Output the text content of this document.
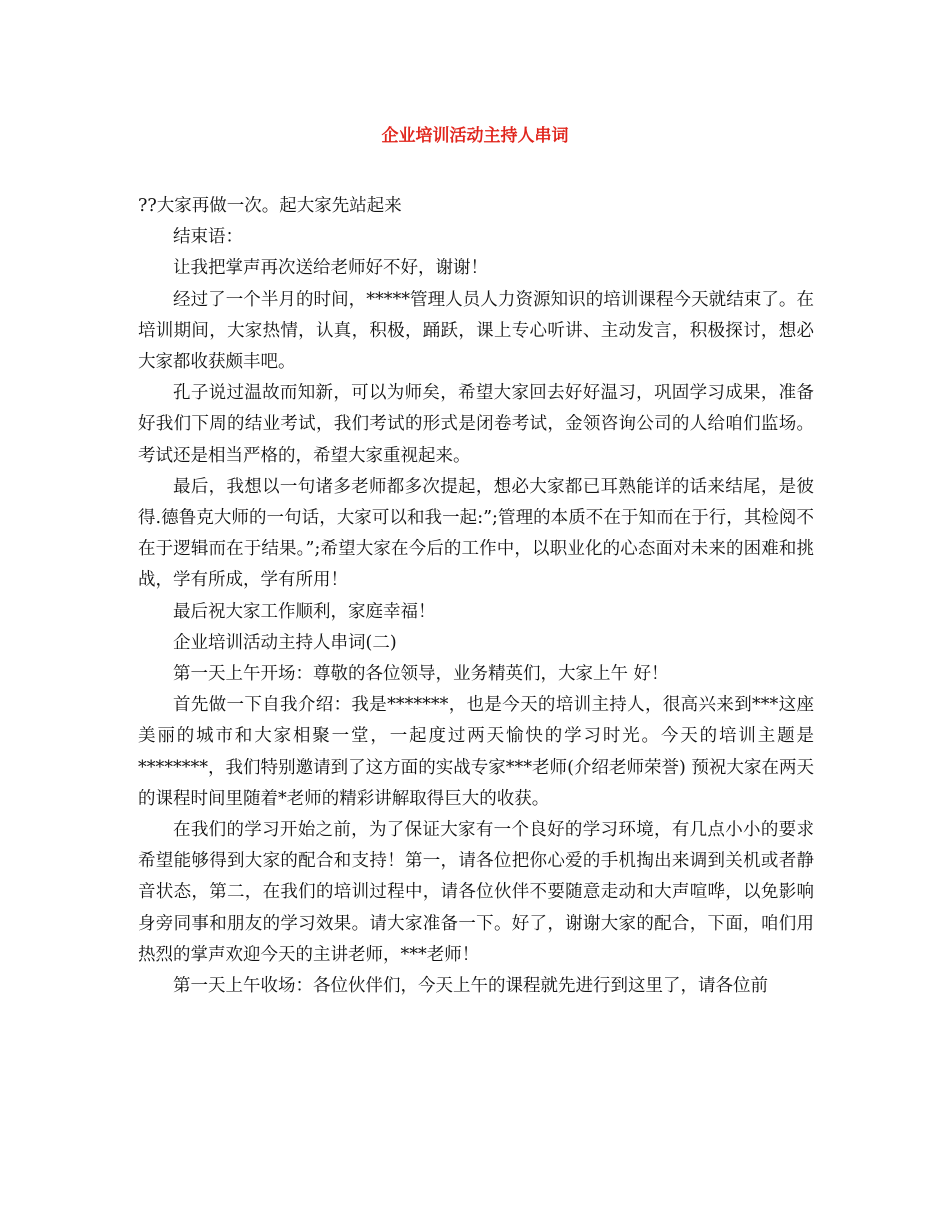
企业培训活动主持人串词

??大家再做一次。起大家先站起来

结束语：

让我把掌声再次送给老师好不好，谢谢！

经过了一个半月的时间，*****管理人员人力资源知识的培训课程今天就结束了。在培训期间，大家热情，认真，积极，踊跃，课上专心听讲、主动发言，积极探讨，想必大家都收获颇丰吧。

孔子说过温故而知新，可以为师矣，希望大家回去好好温习，巩固学习成果，准备好我们下周的结业考试，我们考试的形式是闭卷考试，金领咨询公司的人给咱们监场。考试还是相当严格的，希望大家重视起来。

最后，我想以一句诸多老师都多次提起，想必大家都已耳熟能详的话来结尾，是彼得.德鲁克大师的一句话，大家可以和我一起:”;管理的本质不在于知而在于行，其检阅不在于逻辑而在于结果。”;希望大家在今后的工作中，以职业化的心态面对未来的困难和挑战，学有所成，学有所用！

最后祝大家工作顺利，家庭幸福！

企业培训活动主持人串词(二)

第一天上午开场：尊敬的各位领导，业务精英们，大家上午 好！

首先做一下自我介绍：我是*******，也是今天的培训主持人，很高兴来到***这座美丽的城市和大家相聚一堂，一起度过两天愉快的学习时光。今天的培训主题是********，我们特别邀请到了这方面的实战专家***老师(介绍老师荣誉) 预祝大家在两天的课程时间里随着*老师的精彩讲解取得巨大的收获。

在我们的学习开始之前，为了保证大家有一个良好的学习环境，有几点小小的要求希望能够得到大家的配合和支持！第一，请各位把你心爱的手机掏出来调到关机或者静音状态，第二，在我们的培训过程中，请各位伙伴不要随意走动和大声喧哗，以免影响身旁同事和朋友的学习效果。请大家准备一下。好了，谢谢大家的配合，下面，咱们用热烈的掌声欢迎今天的主讲老师，***老师！

第一天上午收场：各位伙伴们，今天上午的课程就先进行到这里了，请各位前
